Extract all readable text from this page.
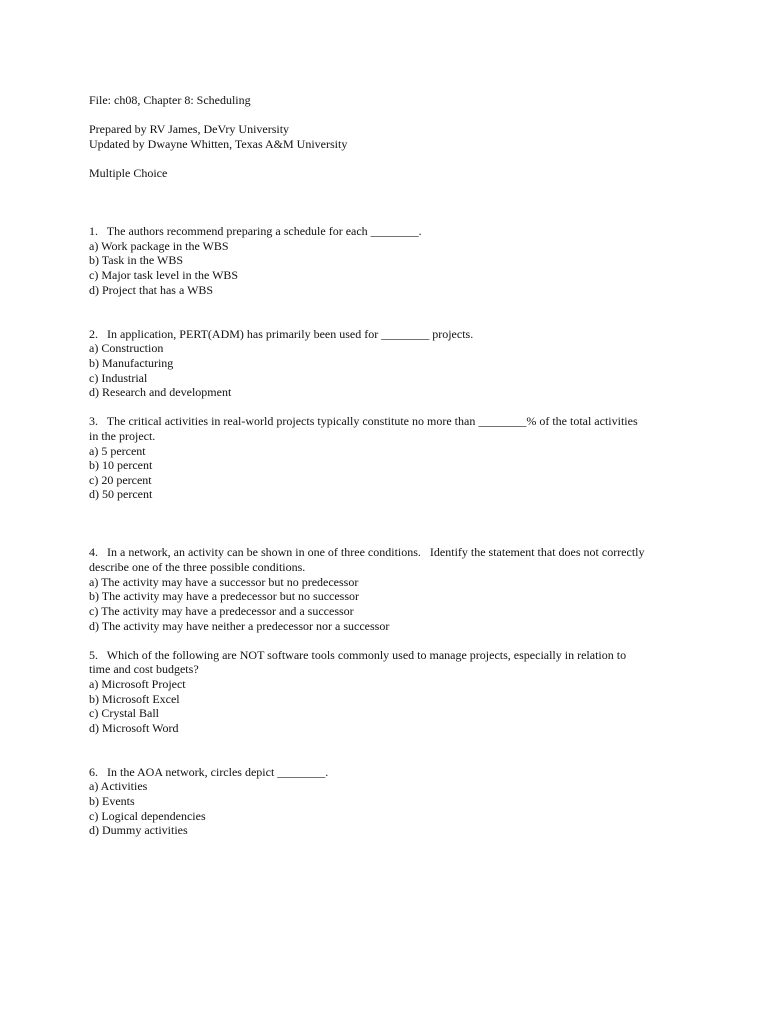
File: ch08, Chapter 8: Scheduling
Prepared by RV James, DeVry University
Updated by Dwayne Whitten, Texas A&M University
Multiple Choice
1.   The authors recommend preparing a schedule for each ________.
a) Work package in the WBS
b) Task in the WBS
c) Major task level in the WBS
d) Project that has a WBS
2.   In application, PERT(ADM) has primarily been used for ________ projects.
a) Construction
b) Manufacturing
c) Industrial
d) Research and development
3.   The critical activities in real-world projects typically constitute no more than ________% of the total activities
in the project.
a) 5 percent
b) 10 percent
c) 20 percent
d) 50 percent
4.   In a network, an activity can be shown in one of three conditions.   Identify the statement that does not correctly
describe one of the three possible conditions.
a) The activity may have a successor but no predecessor
b) The activity may have a predecessor but no successor
c) The activity may have a predecessor and a successor
d) The activity may have neither a predecessor nor a successor
5.   Which of the following are NOT software tools commonly used to manage projects, especially in relation to
time and cost budgets?
a) Microsoft Project
b) Microsoft Excel
c) Crystal Ball
d) Microsoft Word
6.   In the AOA network, circles depict ________.
a) Activities
b) Events
c) Logical dependencies
d) Dummy activities
